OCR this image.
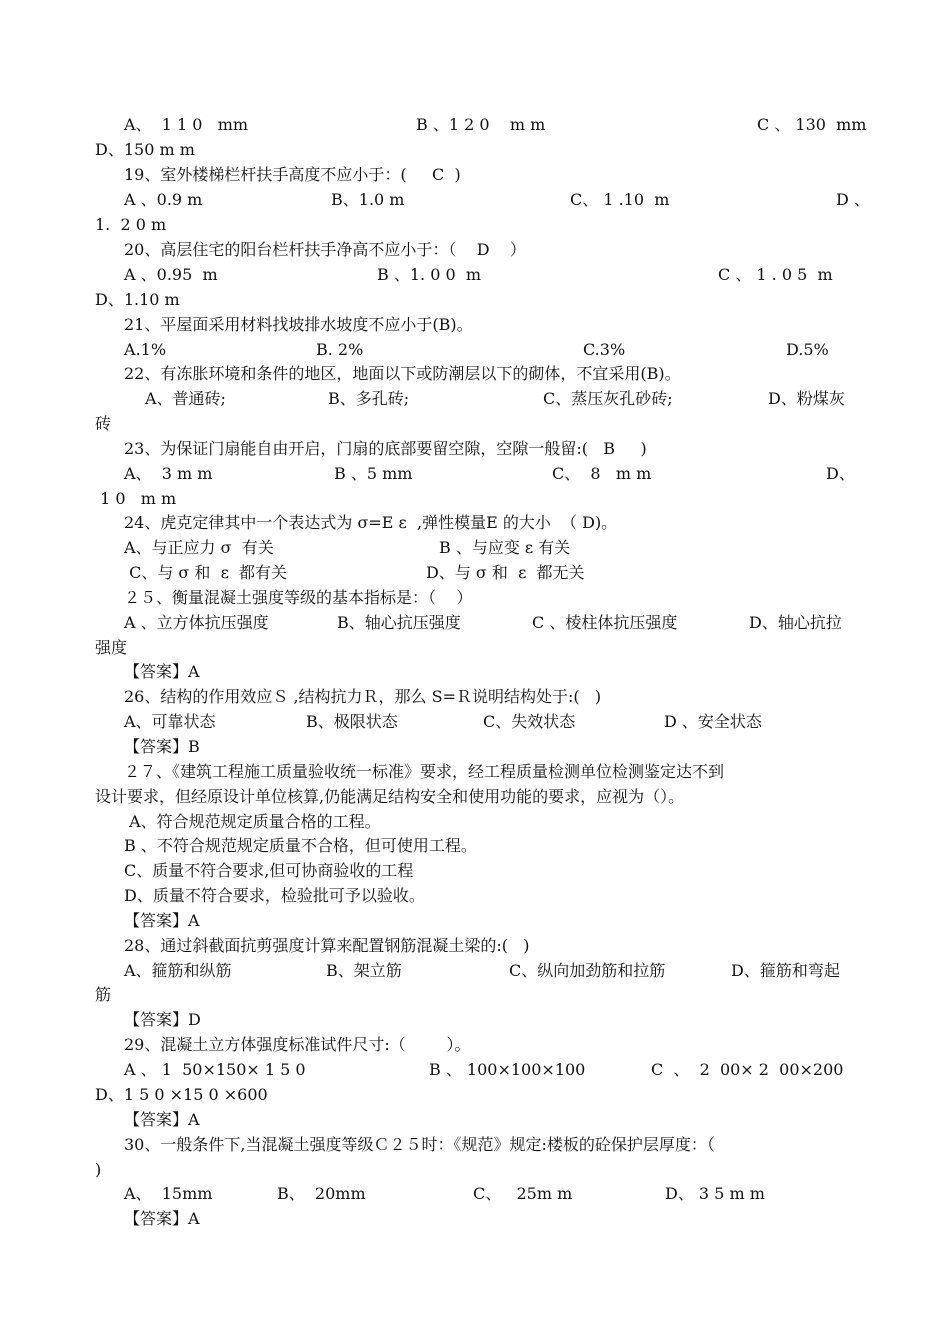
A、  1 1 0   mm	B 、1 2 0    m m	C 、 130  mm
D、150 m m
19、室外楼梯栏杆扶手高度不应小于：(     C  )
A 、0.9 m	B、1.0 m	C、 1 .10  m	D 、
1.  2 0 m
20、高层住宅的阳台栏杆扶手净高不应小于：（    D    ）
A 、0.95  m	B 、1. 0 0  m	C 、 1 . 0 5  m
D、1.10 m
21、平屋面采用材料找坡排水坡度不应小于(B)。
A.1%	B. 2%	C.3%	D.5%
22、有冻胀环境和条件的地区，地面以下或防潮层以下的砌体，不宜采用(B)。
A、普通砖;	B、多孔砖;	C、蒸压灰孔砂砖;	D、粉煤灰
砖
23、为保证门扇能自由开启，门扇的底部要留空隙，空隙一般留:(   B     )
A、  3 m m	B 、5 mm	C、  8   m m	D、
1 0   m m
24、虎克定律其中一个表达式为 σ=E ε  ,弹性模量E 的大小  （ D)。
A、与正应力 σ  有关	B 、与应变 ε 有关
C、与 σ 和  ε  都有关	D、与 σ 和  ε  都无关
２５、衡量混凝土强度等级的基本指标是：（    ）
A 、立方体抗压强度	B、轴心抗压强度	C 、棱柱体抗压强度	D、轴心抗拉
强度
【答案】A
26、结构的作用效应Ｓ ,结构抗力Ｒ，那么 S=Ｒ说明结构处于:(   )
A、可靠状态	B、极限状态	C、失效状态	D 、安全状态
【答案】B
２７、《建筑工程施工质量验收统一标准》要求，经工程质量检测单位检测鉴定达不到
设计要求，但经原设计单位核算,仍能满足结构安全和使用功能的要求，应视为（）。
A、符合规范规定质量合格的工程。
B 、不符合规范规定质量不合格，但可使用工程。
C、质量不符合要求,但可协商验收的工程
D、质量不符合要求，检验批可予以验收。
【答案】A
28、通过斜截面抗剪强度计算来配置钢筋混凝土梁的:(   )
A、箍筋和纵筋	B、架立筋	C、纵向加劲筋和拉筋	D、箍筋和弯起
筋
【答案】D
29、混凝土立方体强度标准试件尺寸:（        ）。
A 、 1  50×150× 1 5 0	B 、 100×100×100	C  、  2  00× 2  00×200
D、1 5 0 ×15 0 ×600
【答案】A
30、一般条件下,当混凝土强度等级Ｃ２５时：《规范》规定:楼板的砼保护层厚度：（
)
A、  15mm	B、  20mm	C、   25m m	D、 3 5 m m
【答案】A
